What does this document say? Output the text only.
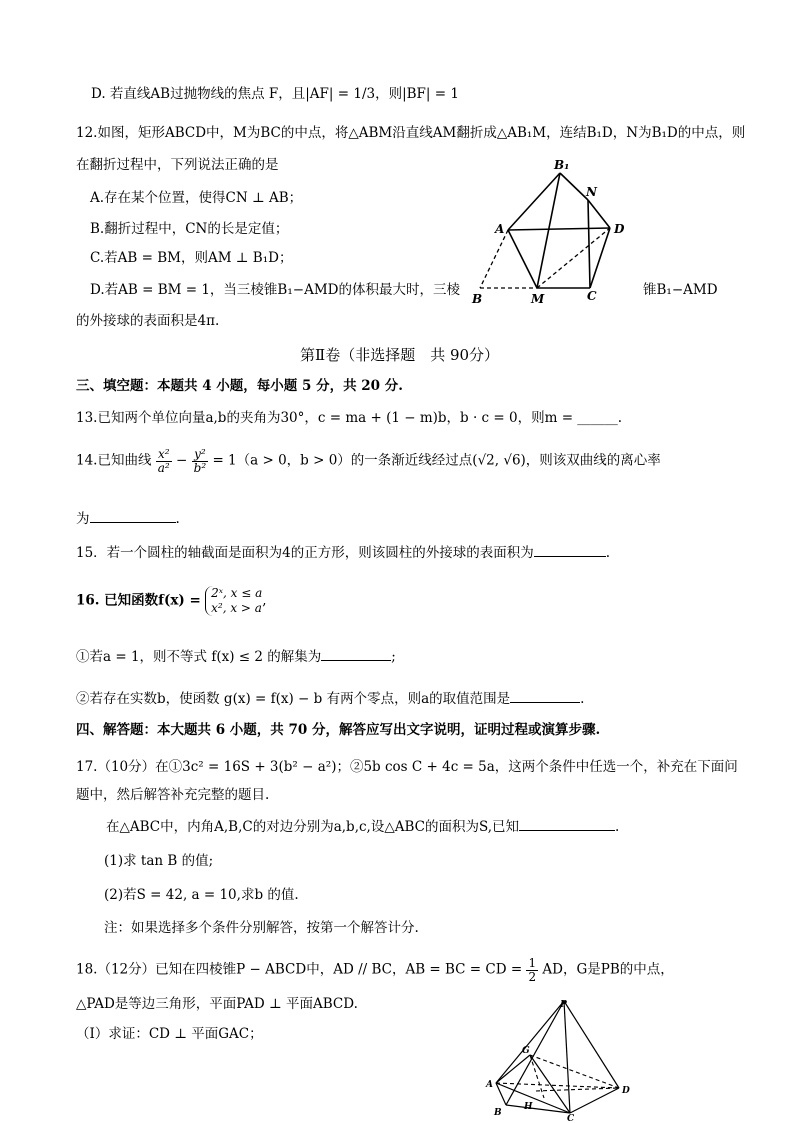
D. 若直线AB过抛物线的焦点 F，且|AF| = 1/3，则|BF| = 1
12.如图，矩形ABCD中，M为BC的中点，将△ABM沿直线AM翻折成△AB₁M，连结B₁D，N为B₁D的中点，则
在翻折过程中，下列说法正确的是
A.存在某个位置，使得CN ⊥ AB；
B.翻折过程中，CN的长是定值；
C.若AB = BM，则AM ⊥ B₁D；
D.若AB = BM = 1，当三棱锥B₁−AMD的体积最大时，三棱	锥B₁−AMD
的外接球的表面积是4π.
B₁
N
A	D
B	M	C
第Ⅱ卷（非选择题　共 90分）
三、填空题：本题共 4 小题，每小题 5 分，共 20 分.
13.已知两个单位向量a,b的夹角为30°，c = ma + (1 − m)b，b · c = 0，则m = ______.
14.已知曲线 $\frac{\text{x²}}{\text{a²}} - \frac{\text{y²}}{\text{b²}} = 1(a > 0$，b > 0）的一条渐近线经过点(√2, √6)，则该双曲线的离心率
为	.
15．若一个圆柱的轴截面是面积为4的正方形，则该圆柱的外接球的表面积为	.
16. 已知函数f(x) = 2ˣ, x ≤ a
x², x > a ,
①若a = 1，则不等式 f(x) ≤ 2 的解集为	;
②若存在实数b，使函数 g(x) = f(x) − b 有两个零点，则a的取值范围是	.
四、解答题：本大题共 6 小题，共 70 分，解答应写出文字说明，证明过程或演算步骤.
17.（10分）在①3c² = 16S + 3(b² − a²)；②5b cos C + 4c = 5a，这两个条件中任选一个，补充在下面问
题中，然后解答补充完整的题目.
在△ABC中，内角A,B,C的对边分别为a,b,c,设△ABC的面积为S,已知	.
(1)求 tan B 的值;
(2)若S = 42, a = 10,求b 的值.
注：如果选择多个条件分别解答，按第一个解答计分.
18.（12分）已知在四棱锥P − ABCD中，AD // BC，AB = BC = CD = $\frac{1}{2}$ AD，G是PB的中点，
△PAD是等边三角形，平面PAD ⊥ 平面ABCD.
（Ⅰ）求证：CD ⊥ 平面GAC；
P
G
A
D
B
H
C
